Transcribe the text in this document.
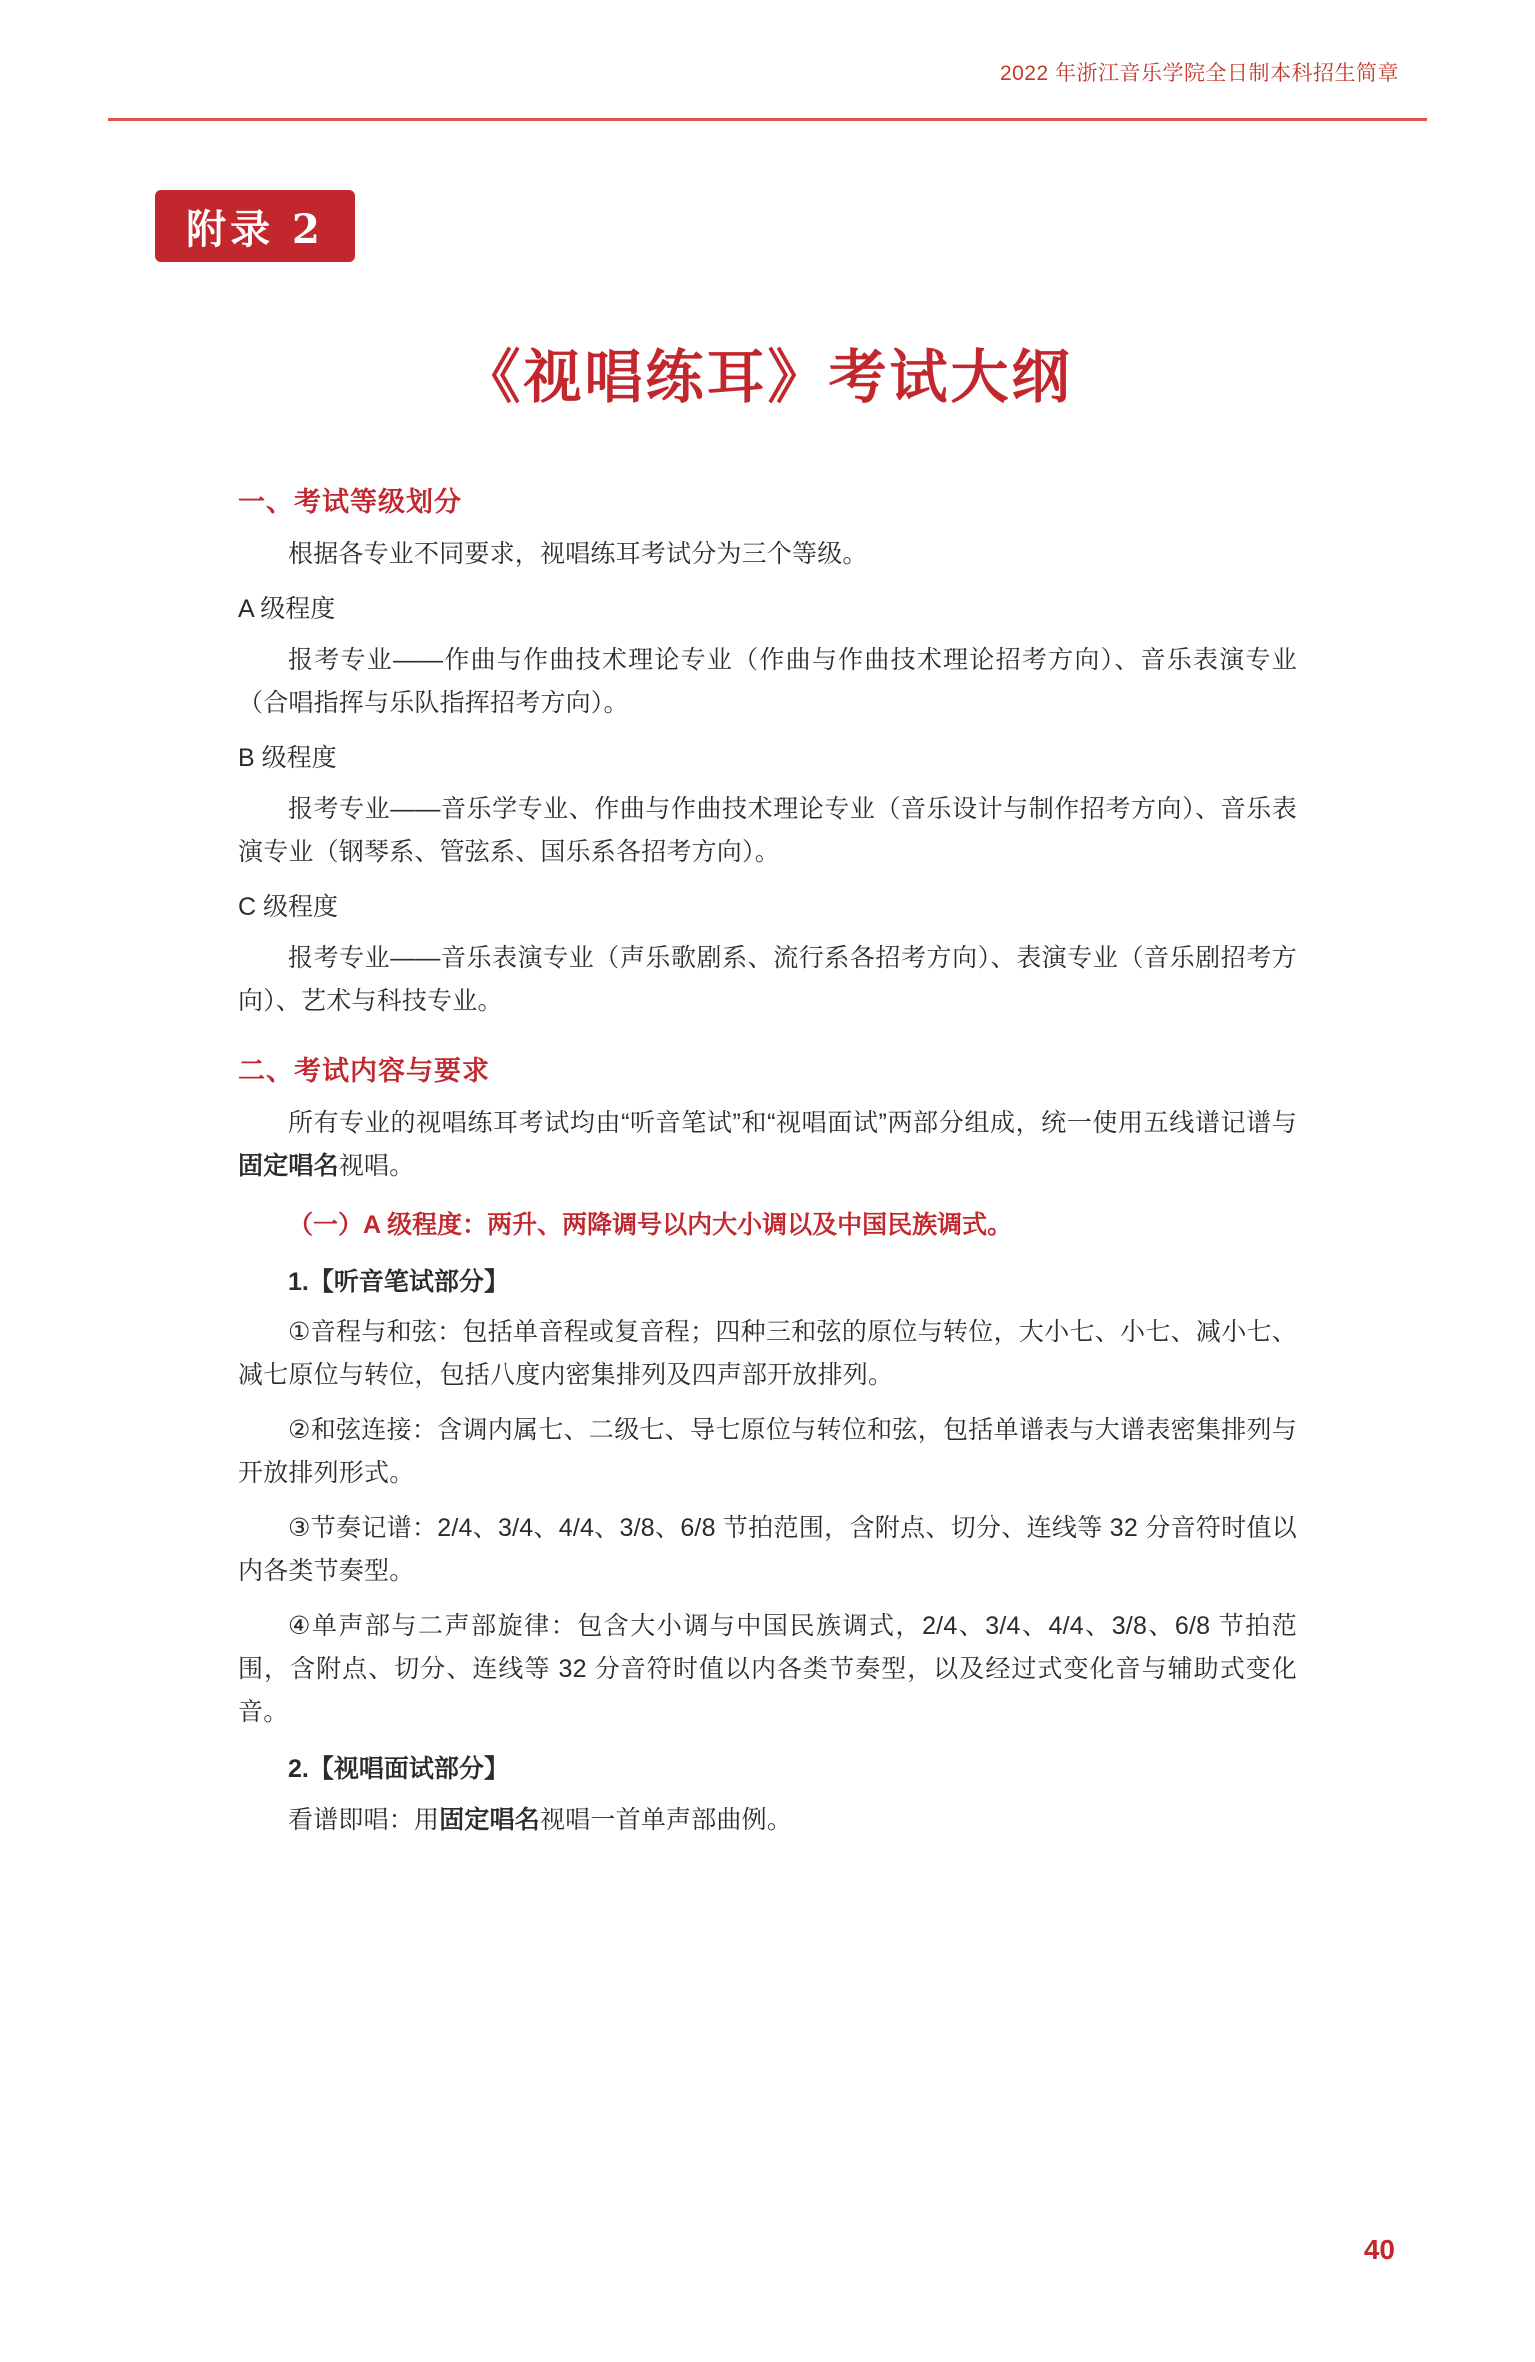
2022 年浙江音乐学院全日制本科招生简章
附录 2
《视唱练耳》考试大纲
一、考试等级划分

根据各专业不同要求，视唱练耳考试分为三个等级。

A 级程度

报考专业——作曲与作曲技术理论专业（作曲与作曲技术理论招考方向）、音乐表演专业（合唱指挥与乐队指挥招考方向）。

B 级程度

报考专业——音乐学专业、作曲与作曲技术理论专业（音乐设计与制作招考方向）、音乐表演专业（钢琴系、管弦系、国乐系各招考方向）。

C 级程度

报考专业——音乐表演专业（声乐歌剧系、流行系各招考方向）、表演专业（音乐剧招考方向）、艺术与科技专业。

二、考试内容与要求

所有专业的视唱练耳考试均由“听音笔试”和“视唱面试”两部分组成，统一使用五线谱记谱与固定唱名视唱。

（一）A 级程度：两升、两降调号以内大小调以及中国民族调式。
1.【听音笔试部分】

①音程与和弦：包括单音程或复音程；四种三和弦的原位与转位，大小七、小七、减小七、减七原位与转位，包括八度内密集排列及四声部开放排列。

②和弦连接：含调内属七、二级七、导七原位与转位和弦，包括单谱表与大谱表密集排列与开放排列形式。

③节奏记谱：2/4、3/4、4/4、3/8、6/8 节拍范围，含附点、切分、连线等 32 分音符时值以内各类节奏型。

④单声部与二声部旋律：包含大小调与中国民族调式，2/4、3/4、4/4、3/8、6/8 节拍范围，含附点、切分、连线等 32 分音符时值以内各类节奏型，以及经过式变化音与辅助式变化音。

2.【视唱面试部分】

看谱即唱：用固定唱名视唱一首单声部曲例。

40
